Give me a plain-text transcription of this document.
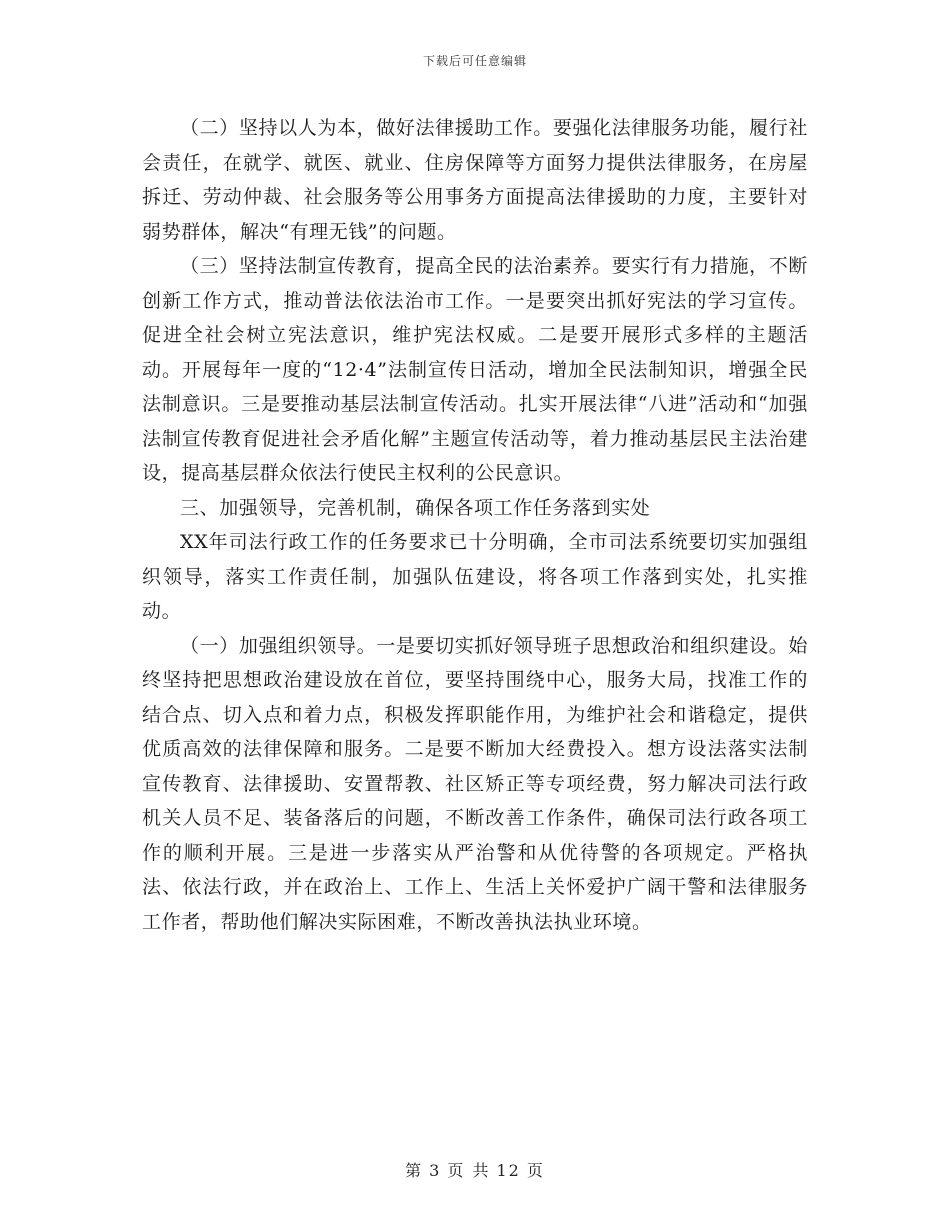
下载后可任意编辑

（二）坚持以人为本，做好法律援助工作。要强化法律服务功能，履行社会责任，在就学、就医、就业、住房保障等方面努力提供法律服务，在房屋拆迁、劳动仲裁、社会服务等公用事务方面提高法律援助的力度，主要针对弱势群体，解决“有理无钱”的问题。

（三）坚持法制宣传教育，提高全民的法治素养。要实行有力措施，不断创新工作方式，推动普法依法治市工作。一是要突出抓好宪法的学习宣传。促进全社会树立宪法意识，维护宪法权威。二是要开展形式多样的主题活动。开展每年一度的“12·4”法制宣传日活动，增加全民法制知识，增强全民法制意识。三是要推动基层法制宣传活动。扎实开展法律“八进”活动和“加强法制宣传教育促进社会矛盾化解”主题宣传活动等，着力推动基层民主法治建设，提高基层群众依法行使民主权利的公民意识。

三、加强领导，完善机制，确保各项工作任务落到实处

XX年司法行政工作的任务要求已十分明确，全市司法系统要切实加强组织领导，落实工作责任制，加强队伍建设，将各项工作落到实处，扎实推动。

（一）加强组织领导。一是要切实抓好领导班子思想政治和组织建设。始终坚持把思想政治建设放在首位，要坚持围绕中心，服务大局，找准工作的结合点、切入点和着力点，积极发挥职能作用，为维护社会和谐稳定，提供优质高效的法律保障和服务。二是要不断加大经费投入。想方设法落实法制宣传教育、法律援助、安置帮教、社区矫正等专项经费，努力解决司法行政机关人员不足、装备落后的问题，不断改善工作条件，确保司法行政各项工作的顺利开展。三是进一步落实从严治警和从优待警的各项规定。严格执法、依法行政，并在政治上、工作上、生活上关怀爱护广阔干警和法律服务工作者，帮助他们解决实际困难，不断改善执法执业环境。

第 3 页 共 12 页
